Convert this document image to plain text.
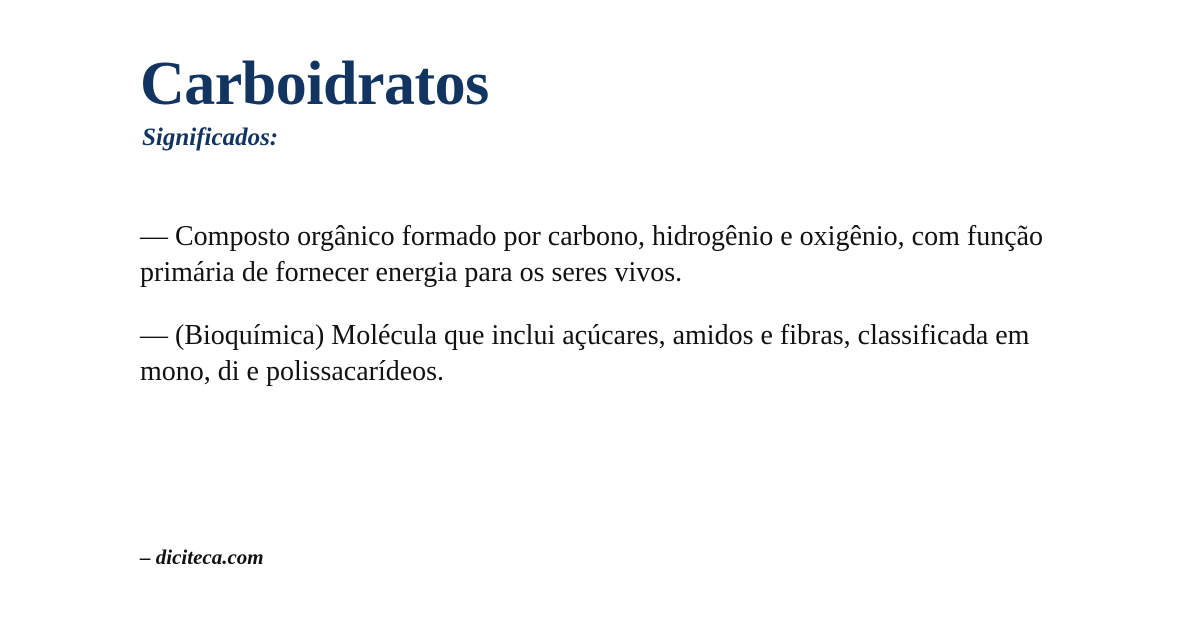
Carboidratos
Significados:

— Composto orgânico formado por carbono, hidrogênio e oxigênio, com função primária de fornecer energia para os seres vivos.

— (Bioquímica) Molécula que inclui açúcares, amidos e fibras, classificada em mono, di e polissacarídeos.

– diciteca.com
